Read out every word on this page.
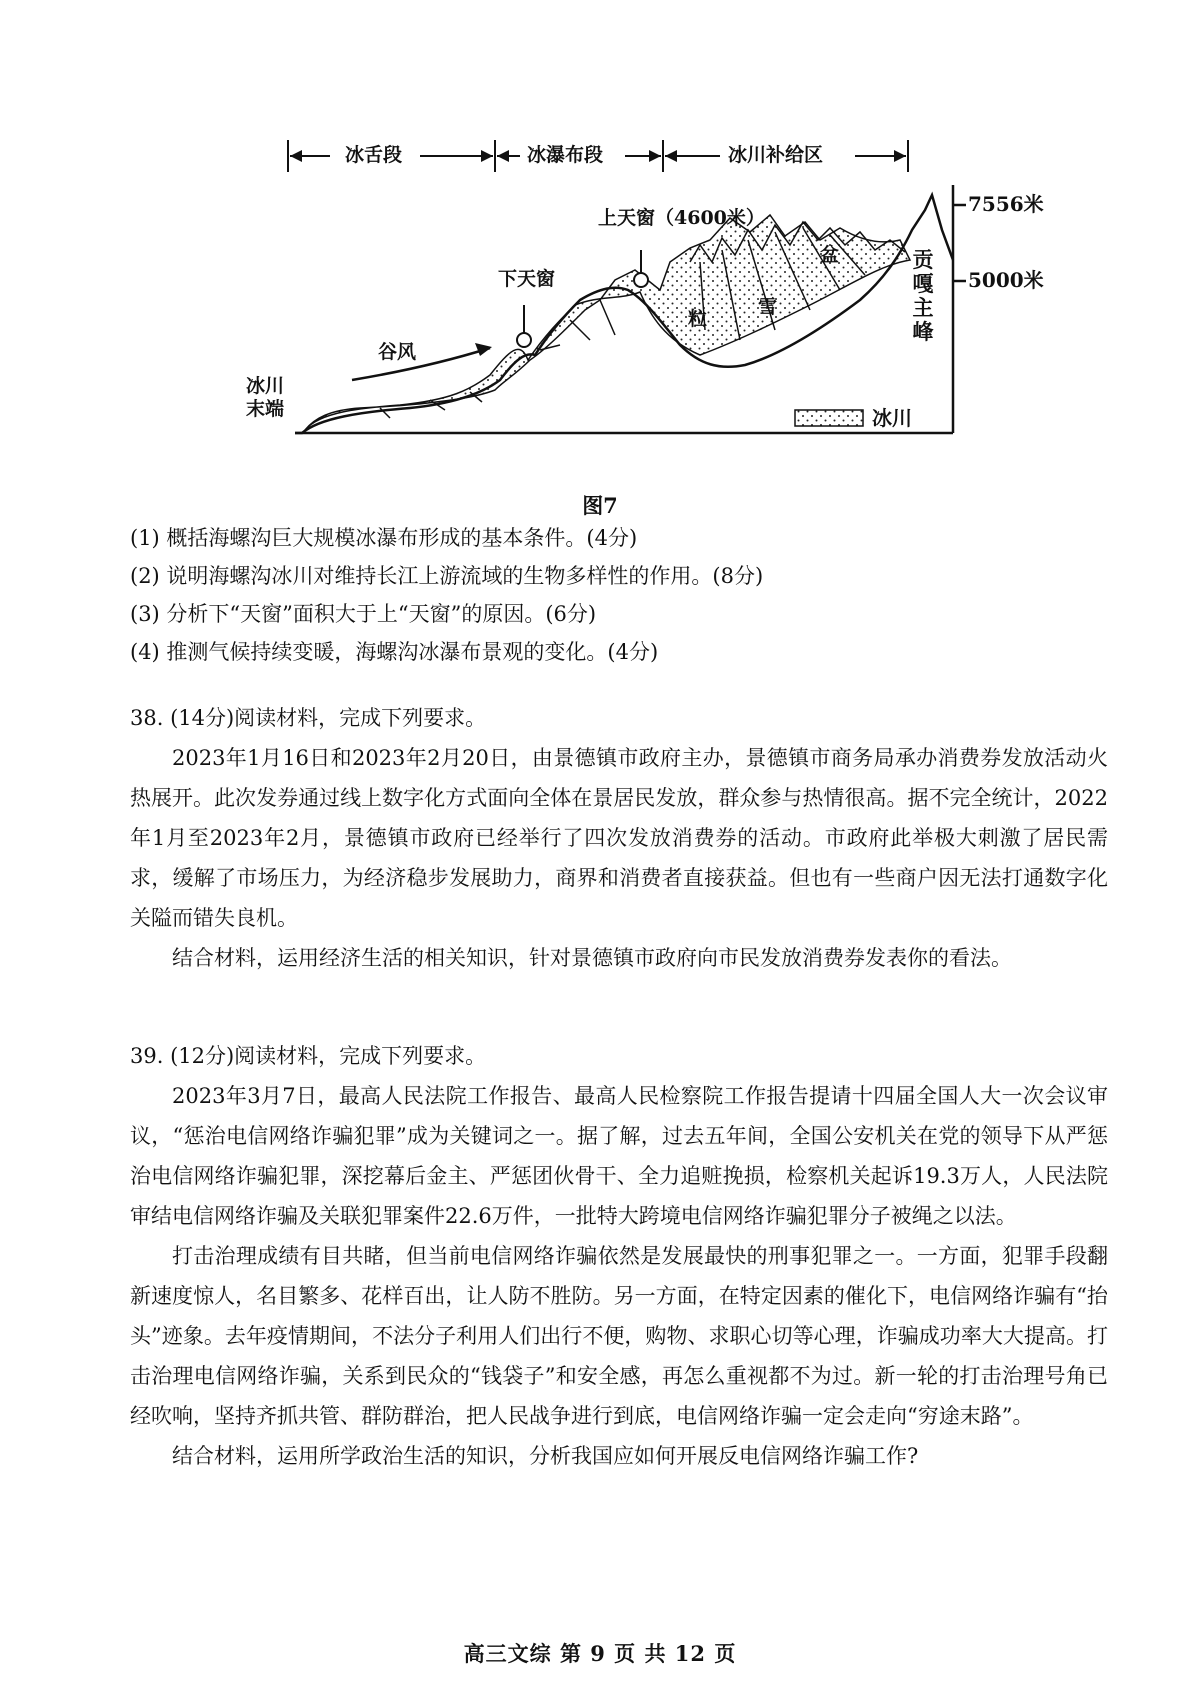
冰舌段	冰瀑布段	冰川补给区
上天窗（4600米）
下天窗
谷风
冰川
末端
粒
雪
盆	贡嘎主峰
7556米
5000米
冰川
图7
(1) 概括海螺沟巨大规模冰瀑布形成的基本条件。(4分)
(2) 说明海螺沟冰川对维持长江上游流域的生物多样性的作用。(8分)
(3) 分析下“天窗”面积大于上“天窗”的原因。(6分)
(4) 推测气候持续变暖，海螺沟冰瀑布景观的变化。(4分)
38. (14分)阅读材料，完成下列要求。

2023年1月16日和2023年2月20日，由景德镇市政府主办，景德镇市商务局承办消费券发放活动火热展开。此次发券通过线上数字化方式面向全体在景居民发放，群众参与热情很高。据不完全统计，2022年1月至2023年2月，景德镇市政府已经举行了四次发放消费券的活动。市政府此举极大刺激了居民需求，缓解了市场压力，为经济稳步发展助力，商界和消费者直接获益。但也有一些商户因无法打通数字化关隘而错失良机。

结合材料，运用经济生活的相关知识，针对景德镇市政府向市民发放消费券发表你的看法。

39. (12分)阅读材料，完成下列要求。

2023年3月7日，最高人民法院工作报告、最高人民检察院工作报告提请十四届全国人大一次会议审议，“惩治电信网络诈骗犯罪”成为关键词之一。据了解，过去五年间，全国公安机关在党的领导下从严惩治电信网络诈骗犯罪，深挖幕后金主、严惩团伙骨干、全力追赃挽损，检察机关起诉19.3万人，人民法院审结电信网络诈骗及关联犯罪案件22.6万件，一批特大跨境电信网络诈骗犯罪分子被绳之以法。

打击治理成绩有目共睹，但当前电信网络诈骗依然是发展最快的刑事犯罪之一。一方面，犯罪手段翻新速度惊人，名目繁多、花样百出，让人防不胜防。另一方面，在特定因素的催化下，电信网络诈骗有“抬头”迹象。去年疫情期间，不法分子利用人们出行不便，购物、求职心切等心理，诈骗成功率大大提高。打击治理电信网络诈骗，关系到民众的“钱袋子”和安全感，再怎么重视都不为过。新一轮的打击治理号角已经吹响，坚持齐抓共管、群防群治，把人民战争进行到底，电信网络诈骗一定会走向“穷途末路”。

结合材料，运用所学政治生活的知识，分析我国应如何开展反电信网络诈骗工作?

高三文综 第 9 页 共 12 页
